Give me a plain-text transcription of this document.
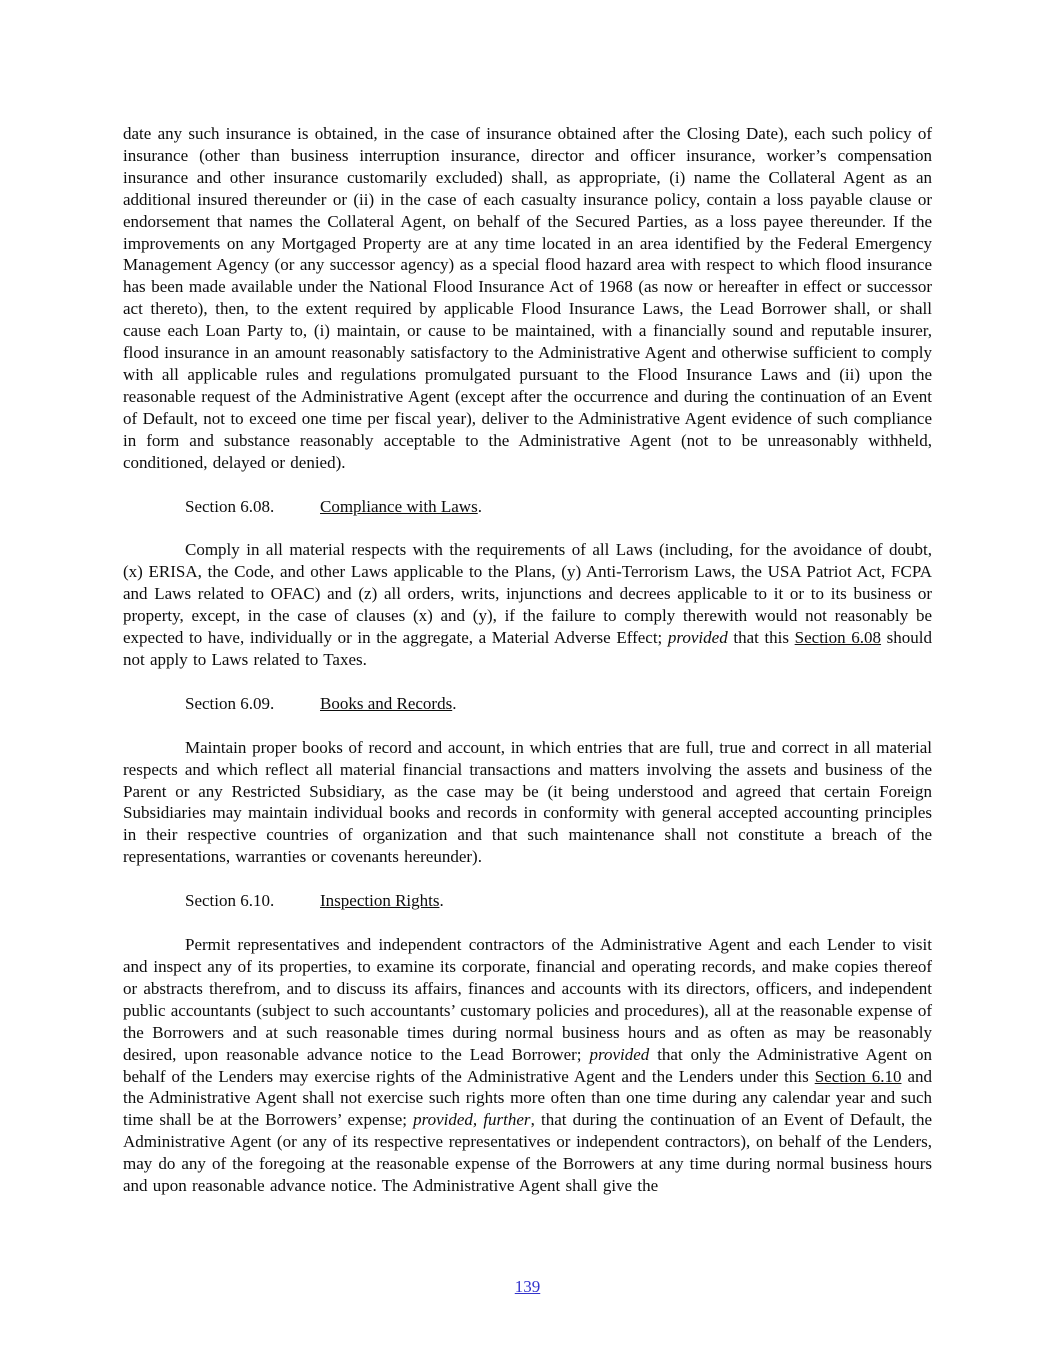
date any such insurance is obtained, in the case of insurance obtained after the Closing Date), each such policy of insurance (other than business interruption insurance, director and officer insurance, worker’s compensation insurance and other insurance customarily excluded) shall, as appropriate, (i) name the Collateral Agent as an additional insured thereunder or (ii) in the case of each casualty insurance policy, contain a loss payable clause or endorsement that names the Collateral Agent, on behalf of the Secured Parties, as a loss payee thereunder. If the improvements on any Mortgaged Property are at any time located in an area identified by the Federal Emergency Management Agency (or any successor agency) as a special flood hazard area with respect to which flood insurance has been made available under the National Flood Insurance Act of 1968 (as now or hereafter in effect or successor act thereto), then, to the extent required by applicable Flood Insurance Laws, the Lead Borrower shall, or shall cause each Loan Party to, (i) maintain, or cause to be maintained, with a financially sound and reputable insurer, flood insurance in an amount reasonably satisfactory to the Administrative Agent and otherwise sufficient to comply with all applicable rules and regulations promulgated pursuant to the Flood Insurance Laws and (ii) upon the reasonable request of the Administrative Agent (except after the occurrence and during the continuation of an Event of Default, not to exceed one time per fiscal year), deliver to the Administrative Agent evidence of such compliance in form and substance reasonably acceptable to the Administrative Agent (not to be unreasonably withheld, conditioned, delayed or denied).

Section 6.08.	Compliance with Laws.

Comply in all material respects with the requirements of all Laws (including, for the avoidance of doubt, (x) ERISA, the Code, and other Laws applicable to the Plans, (y) Anti-Terrorism Laws, the USA Patriot Act, FCPA and Laws related to OFAC) and (z) all orders, writs, injunctions and decrees applicable to it or to its business or property, except, in the case of clauses (x) and (y), if the failure to comply therewith would not reasonably be expected to have, individually or in the aggregate, a Material Adverse Effect; provided that this Section 6.08 should not apply to Laws related to Taxes.

Section 6.09.	Books and Records.

Maintain proper books of record and account, in which entries that are full, true and correct in all material respects and which reflect all material financial transactions and matters involving the assets and business of the Parent or any Restricted Subsidiary, as the case may be (it being understood and agreed that certain Foreign Subsidiaries may maintain individual books and records in conformity with general accepted accounting principles in their respective countries of organization and that such maintenance shall not constitute a breach of the representations, warranties or covenants hereunder).

Section 6.10.	Inspection Rights.

Permit representatives and independent contractors of the Administrative Agent and each Lender to visit and inspect any of its properties, to examine its corporate, financial and operating records, and make copies thereof or abstracts therefrom, and to discuss its affairs, finances and accounts with its directors, officers, and independent public accountants (subject to such accountants’ customary policies and procedures), all at the reasonable expense of the Borrowers and at such reasonable times during normal business hours and as often as may be reasonably desired, upon reasonable advance notice to the Lead Borrower; provided that only the Administrative Agent on behalf of the Lenders may exercise rights of the Administrative Agent and the Lenders under this Section 6.10 and the Administrative Agent shall not exercise such rights more often than one time during any calendar year and such time shall be at the Borrowers’ expense; provided, further, that during the continuation of an Event of Default, the Administrative Agent (or any of its respective representatives or independent contractors), on behalf of the Lenders, may do any of the foregoing at the reasonable expense of the Borrowers at any time during normal business hours and upon reasonable advance notice. The Administrative Agent shall give the

139
